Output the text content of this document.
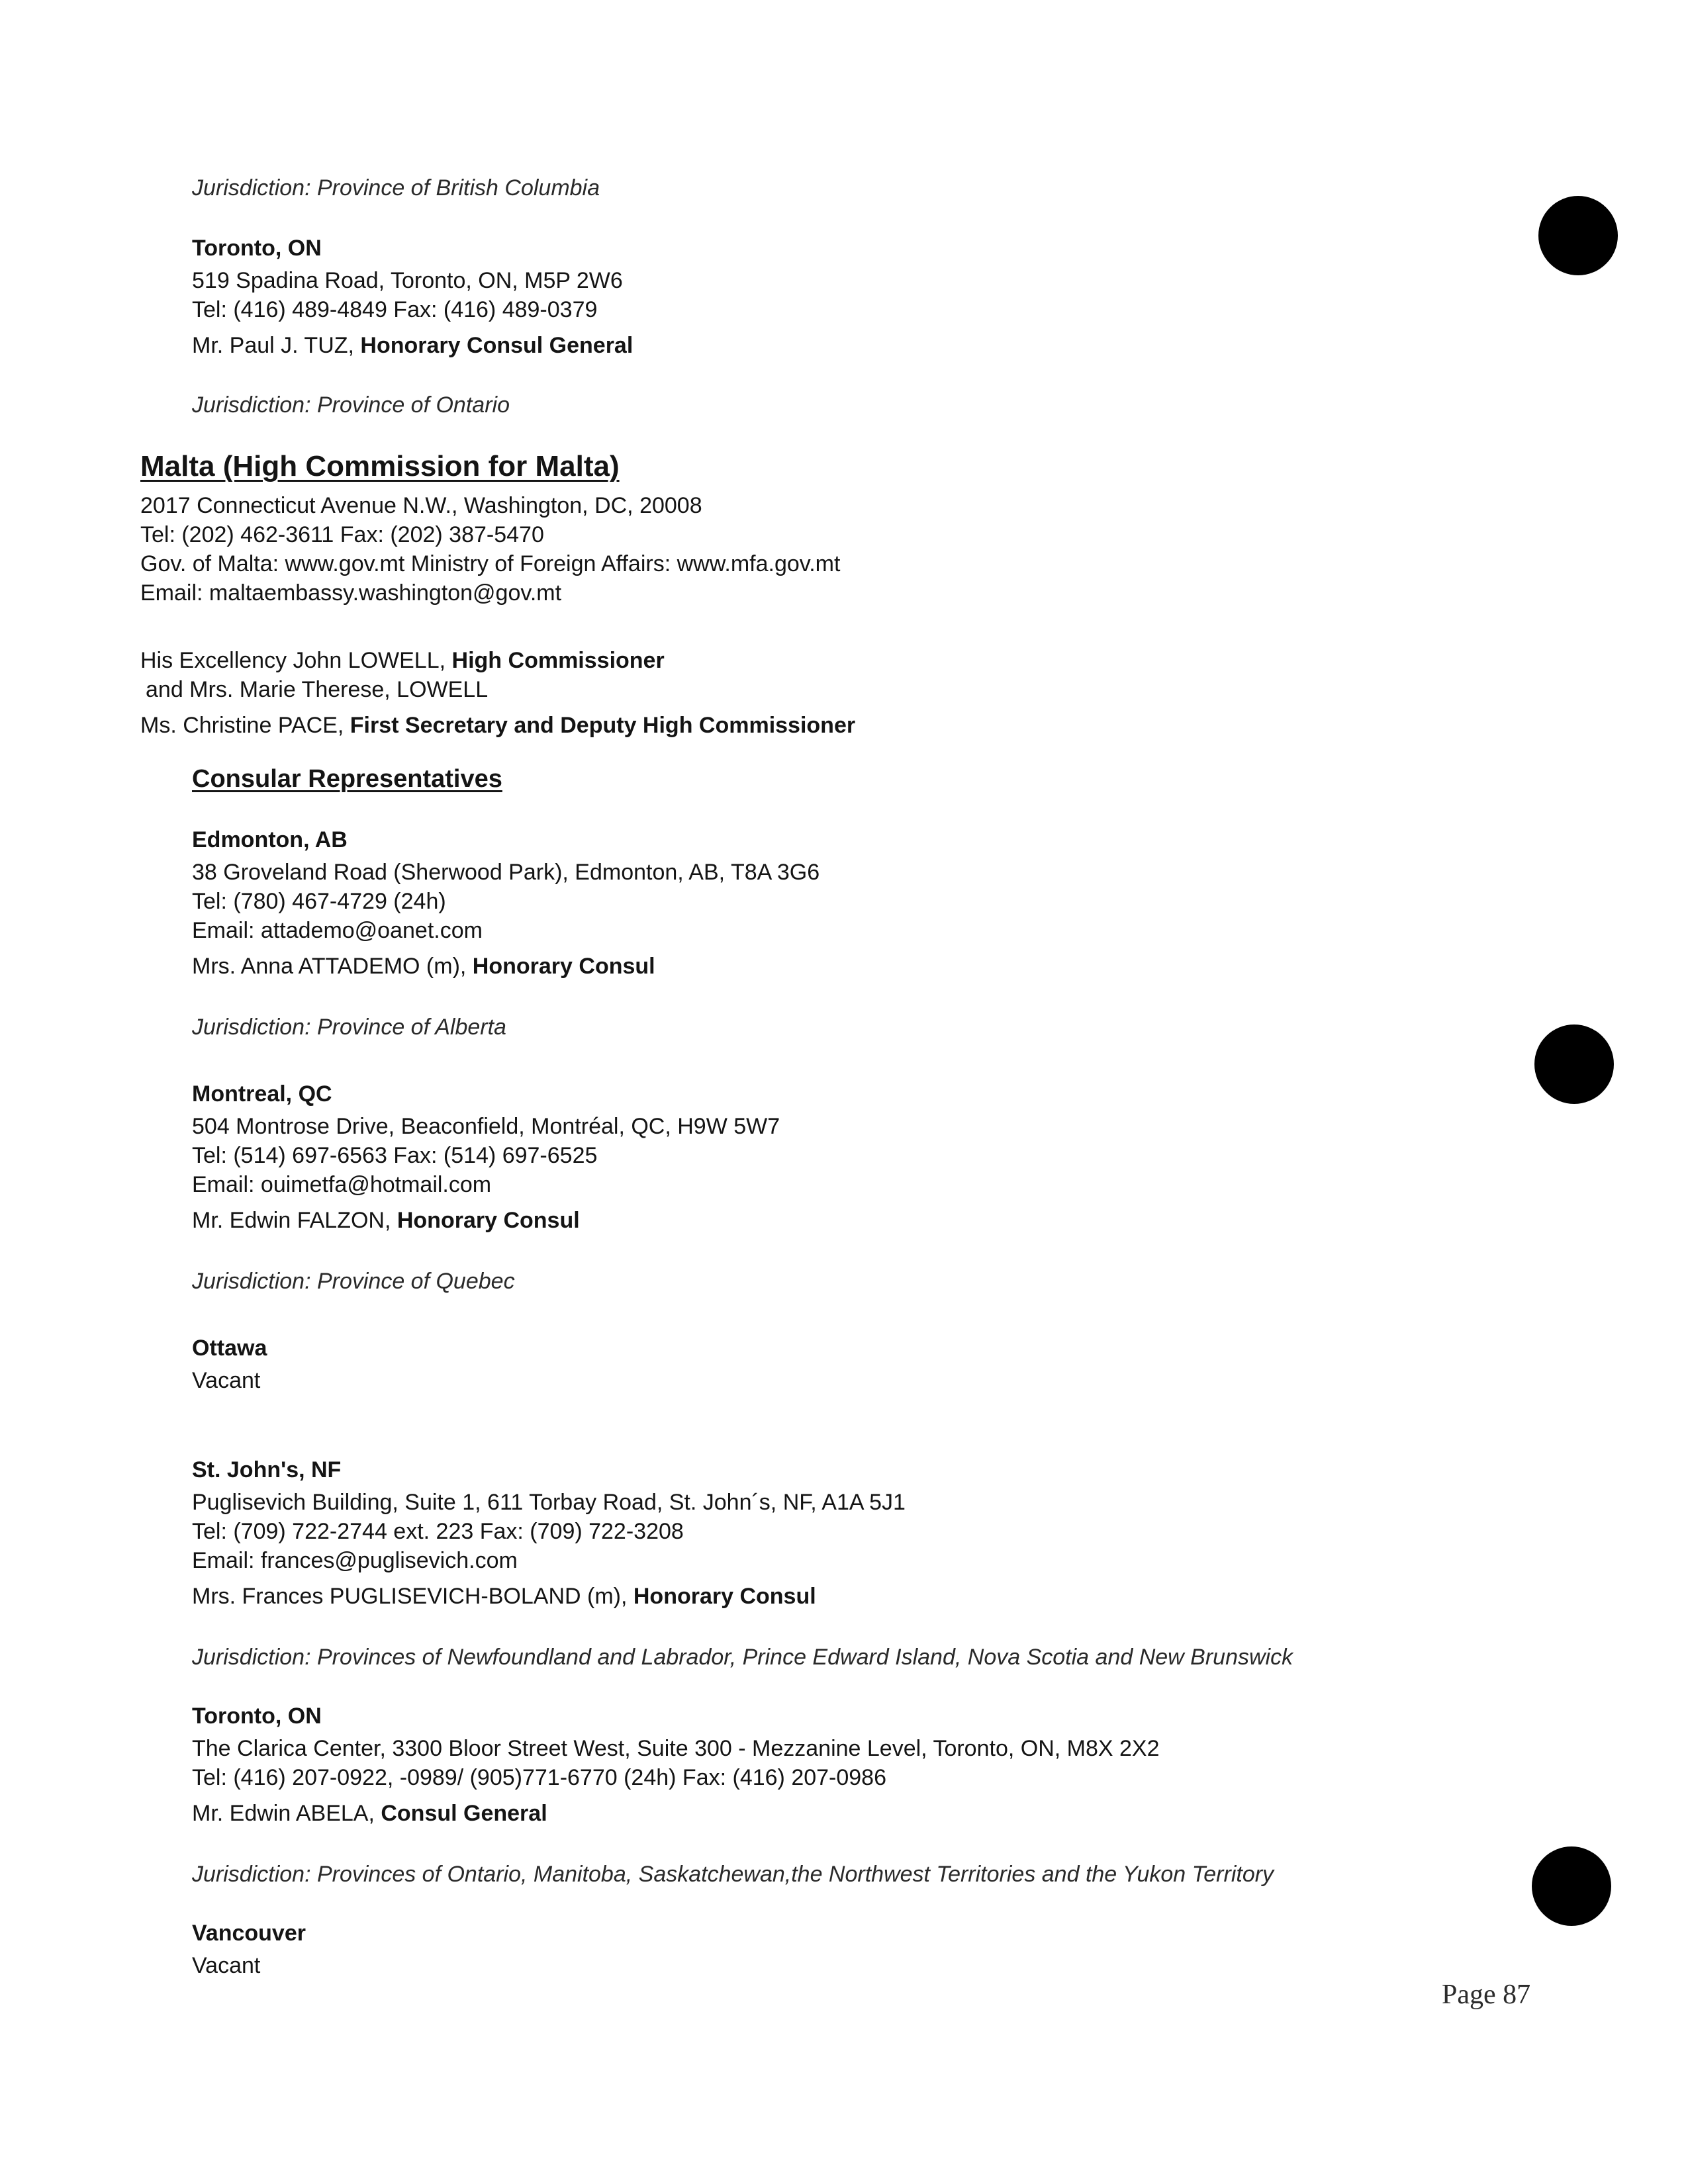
Jurisdiction: Province of British Columbia
Toronto, ON
519 Spadina Road, Toronto, ON, M5P 2W6
Tel: (416) 489-4849 Fax: (416) 489-0379
Mr. Paul J. TUZ, Honorary Consul General
Jurisdiction: Province of Ontario
Malta (High Commission for Malta)
2017 Connecticut Avenue N.W., Washington, DC, 20008
Tel: (202) 462-3611 Fax: (202) 387-5470
Gov. of Malta: www.gov.mt Ministry of Foreign Affairs: www.mfa.gov.mt
Email: maltaembassy.washington@gov.mt
His Excellency John LOWELL, High Commissioner
and Mrs. Marie Therese, LOWELL
Ms. Christine PACE, First Secretary and Deputy High Commissioner
Consular Representatives
Edmonton, AB
38 Groveland Road (Sherwood Park), Edmonton, AB, T8A 3G6
Tel: (780) 467-4729 (24h)
Email: attademo@oanet.com
Mrs. Anna ATTADEMO (m), Honorary Consul
Jurisdiction: Province of Alberta
Montreal, QC
504 Montrose Drive, Beaconfield, Montréal, QC, H9W 5W7
Tel: (514) 697-6563 Fax: (514) 697-6525
Email: ouimetfa@hotmail.com
Mr. Edwin FALZON, Honorary Consul
Jurisdiction: Province of Quebec
Ottawa
Vacant
St. John's, NF
Puglisevich Building, Suite 1, 611 Torbay Road, St. John´s, NF, A1A 5J1
Tel: (709) 722-2744 ext. 223 Fax: (709) 722-3208
Email: frances@puglisevich.com
Mrs. Frances PUGLISEVICH-BOLAND (m), Honorary Consul
Jurisdiction: Provinces of Newfoundland and Labrador, Prince Edward Island, Nova Scotia and New Brunswick
Toronto, ON
The Clarica Center, 3300 Bloor Street West, Suite 300 - Mezzanine Level, Toronto, ON, M8X 2X2
Tel: (416) 207-0922, -0989/ (905)771-6770 (24h) Fax: (416) 207-0986
Mr. Edwin ABELA, Consul General
Jurisdiction: Provinces of Ontario, Manitoba, Saskatchewan,the Northwest Territories and the Yukon Territory
Vancouver
Vacant
Page 87
